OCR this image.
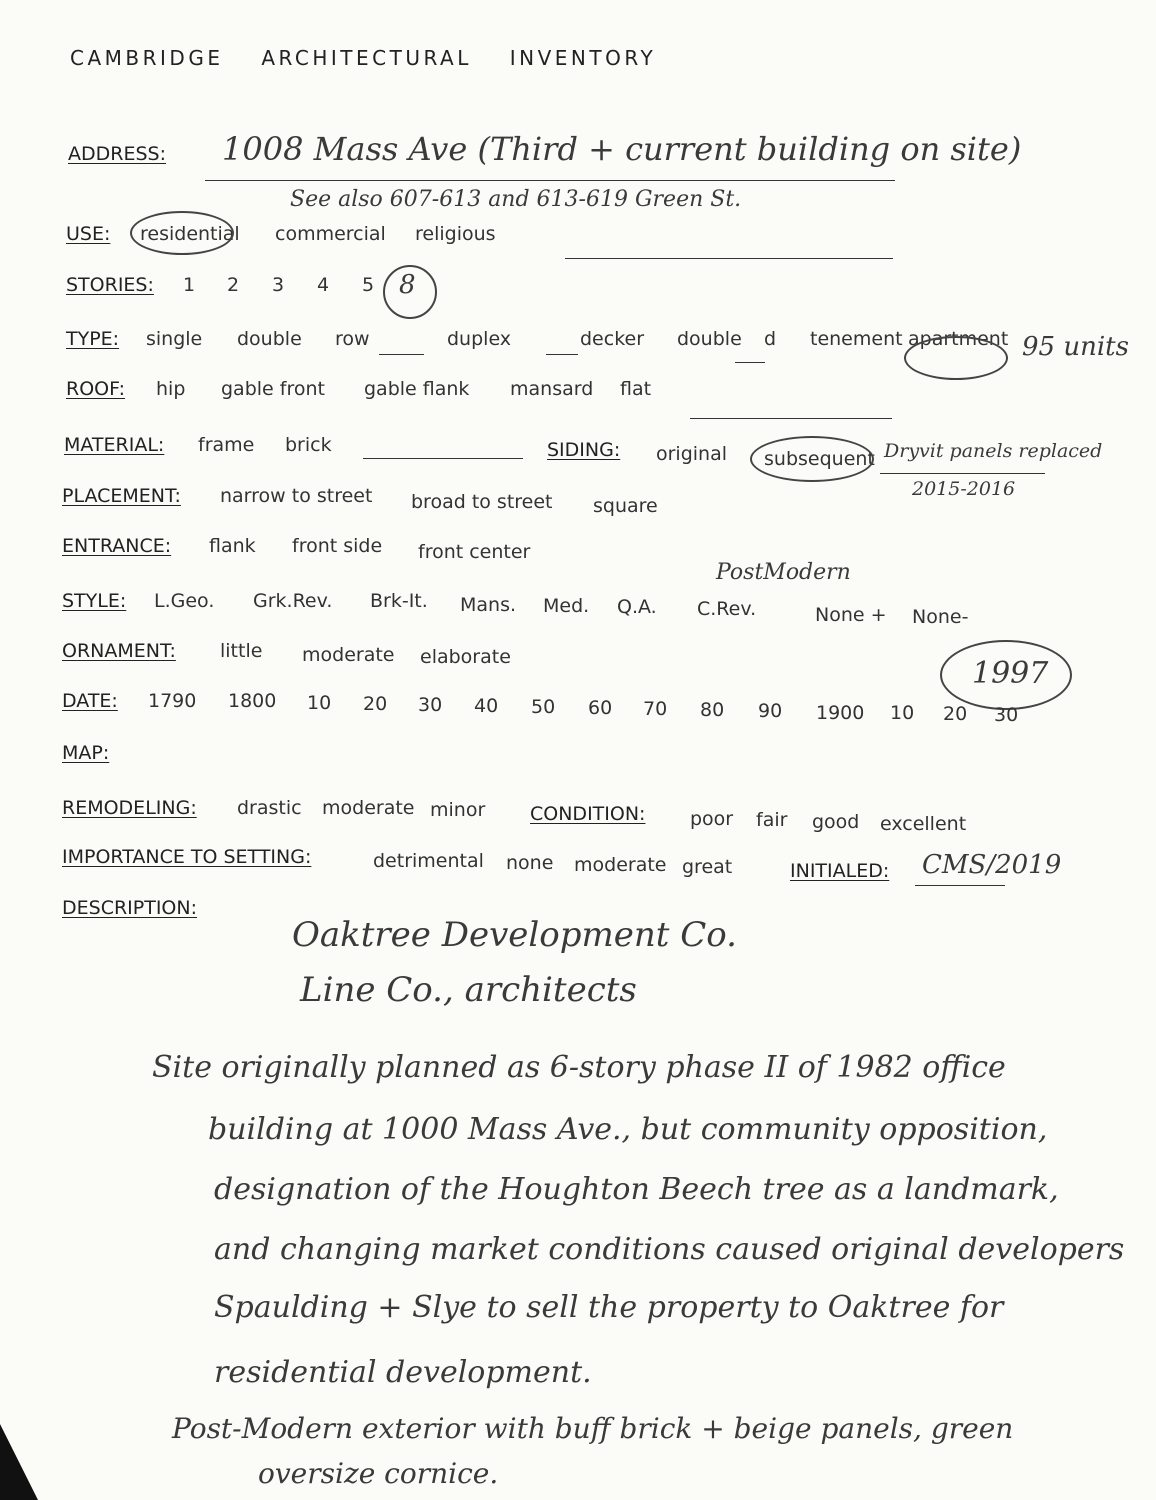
CAMBRIDGE ARCHITECTURAL INVENTORY
ADDRESS: 1008 Mass Ave (Third + current building on site)
See also 607-613 and 613-619 Green St.
USE: residential commercial religious
STORIES: 1 2 3 4 5 8
TYPE: single double row	duplex	decker double d tenement apartment 95 units
ROOF: hip gable front gable flank mansard flat
MATERIAL: frame brick	SIDING: original subsequent Dryvit panels replaced
2015-2016
PLACEMENT: narrow to street broad to street square
ENTRANCE: flank front side front center
PostModern
STYLE: L.Geo. Grk.Rev. Brk-It. Mans. Med. Q.A. C.Rev.	None + None-
ORNAMENT: little moderate elaborate	1997
DATE: 1790 1800 10 20 30 40 50 60 70 80 90 1900 10 20 30
MAP:
REMODELING: drastic moderate minor CONDITION: poor fair good excellent
IMPORTANCE TO SETTING:	detrimental none moderate great	INITIALED: CMS/2019
DESCRIPTION:
Oaktree Development Co.
Line Co., architects
Site originally planned as 6-story phase II of 1982 office
building at 1000 Mass Ave., but community opposition,
designation of the Houghton Beech tree as a landmark,
and changing market conditions caused original developers
Spaulding + Slye to sell the property to Oaktree for
residential development.
Post-Modern exterior with buff brick + beige panels, green
oversize cornice.
